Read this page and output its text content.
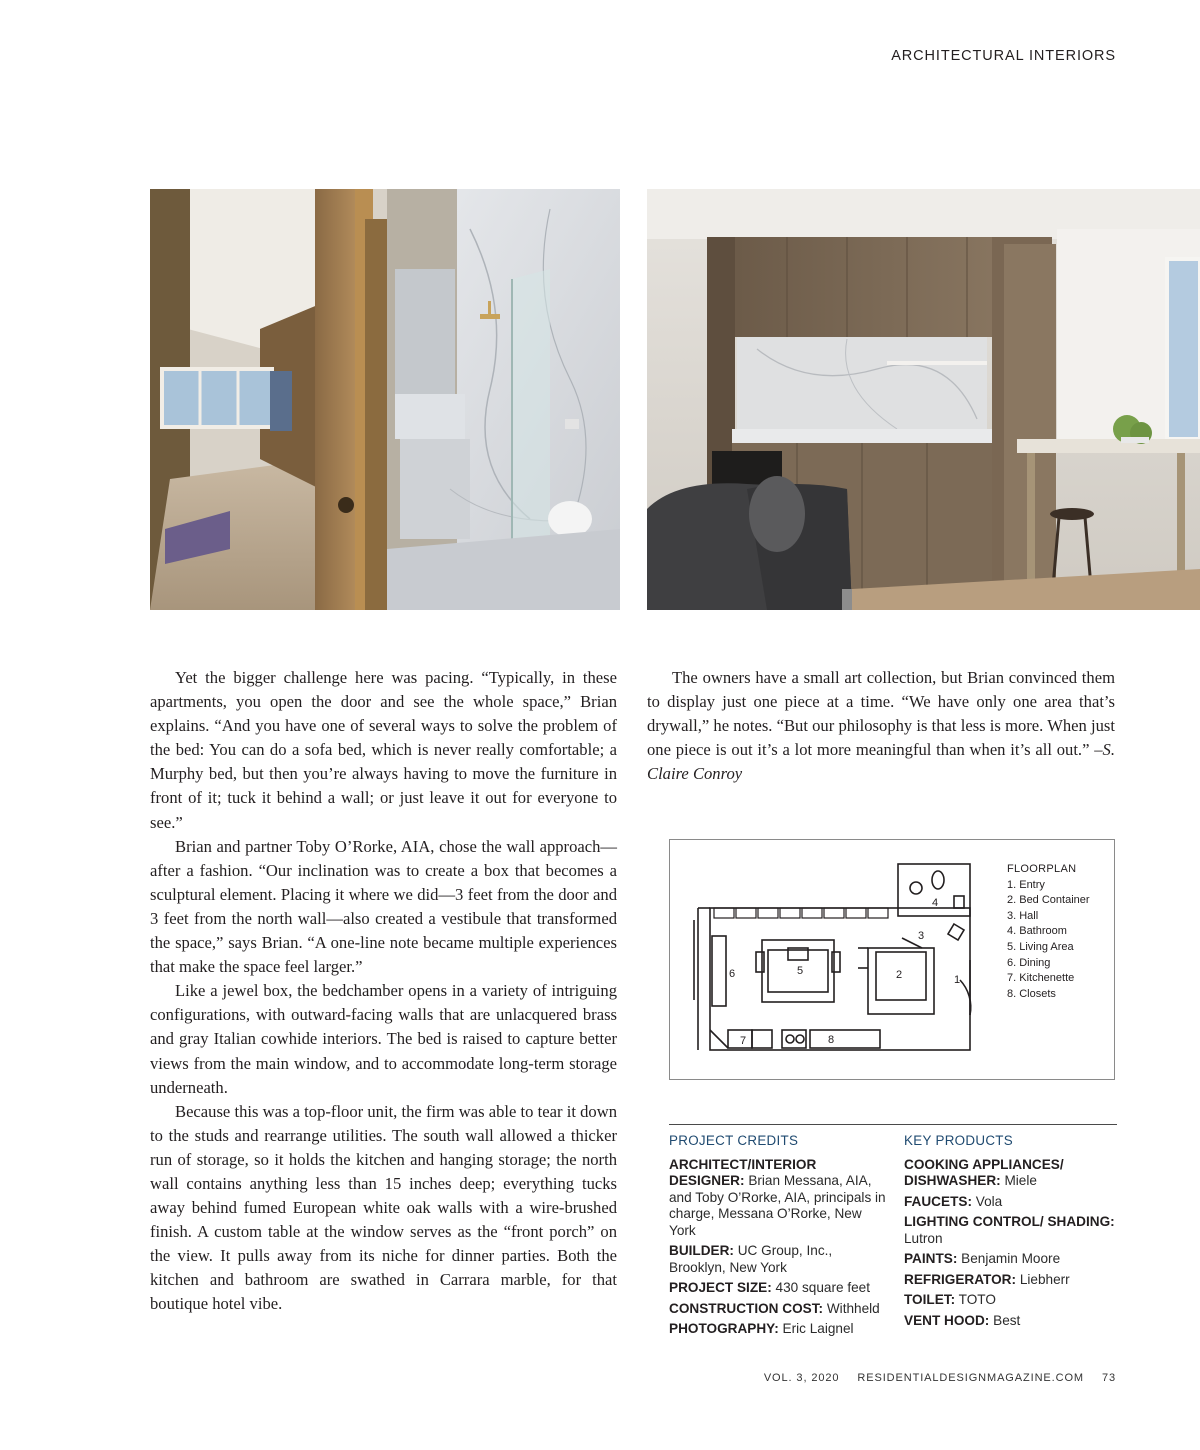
ARCHITECTURAL INTERIORS

Yet the bigger challenge here was pacing. “Typically, in these apartments, you open the door and see the whole space,” Brian explains. “And you have one of several ways to solve the problem of the bed: You can do a sofa bed, which is never really comfortable; a Murphy bed, but then you’re always having to move the furniture in front of it; tuck it behind a wall; or just leave it out for everyone to see.”

Brian and partner Toby O’Rorke, AIA, chose the wall approach—after a fashion. “Our inclination was to create a box that becomes a sculptural element. Placing it where we did—3 feet from the door and 3 feet from the north wall—also created a vestibule that transformed the space,” says Brian. “A one-line note became multiple experiences that make the space feel larger.”

Like a jewel box, the bedchamber opens in a variety of intriguing configurations, with outward-facing walls that are unlacquered brass and gray Italian cowhide interiors. The bed is raised to capture better views from the main window, and to accommodate long-term storage underneath.

Because this was a top-floor unit, the firm was able to tear it down to the studs and rearrange utilities. The south wall allowed a thicker run of storage, so it holds the kitchen and hanging storage; the north wall contains anything less than 15 inches deep; everything tucks away behind fumed European white oak walls with a wire-brushed finish. A custom table at the window serves as the “front porch” on the view. It pulls away from its niche for dinner parties. Both the kitchen and bathroom are swathed in Carrara marble, for that boutique hotel vibe.

The owners have a small art collection, but Brian convinced them to display just one piece at a time. “We have only one area that’s drywall,” he notes. “But our philosophy is that less is more. When just one piece is out it’s a lot more meaningful than when it’s all out.” –S. Claire Conroy

1
2
3
4
5
6
7	8
FLOORPLAN
1. Entry
2. Bed Container
3. Hall
4. Bathroom
5. Living Area
6. Dining
7. Kitchenette
8. Closets
PROJECT CREDITS
ARCHITECT/INTERIOR DESIGNER: Brian Messana, AIA, and Toby O’Rorke, AIA, principals in charge, Messana O’Rorke, New York
BUILDER: UC Group, Inc., Brooklyn, New York
PROJECT SIZE: 430 square feet
CONSTRUCTION COST: Withheld
PHOTOGRAPHY: Eric Laignel
KEY PRODUCTS
COOKING APPLIANCES/ DISHWASHER: Miele
FAUCETS: Vola
LIGHTING CONTROL/ SHADING: Lutron
PAINTS: Benjamin Moore
REFRIGERATOR: Liebherr
TOILET: TOTO
VENT HOOD: Best
VOL. 3, 2020 RESIDENTIALDESIGNMAGAZINE.COM 73
